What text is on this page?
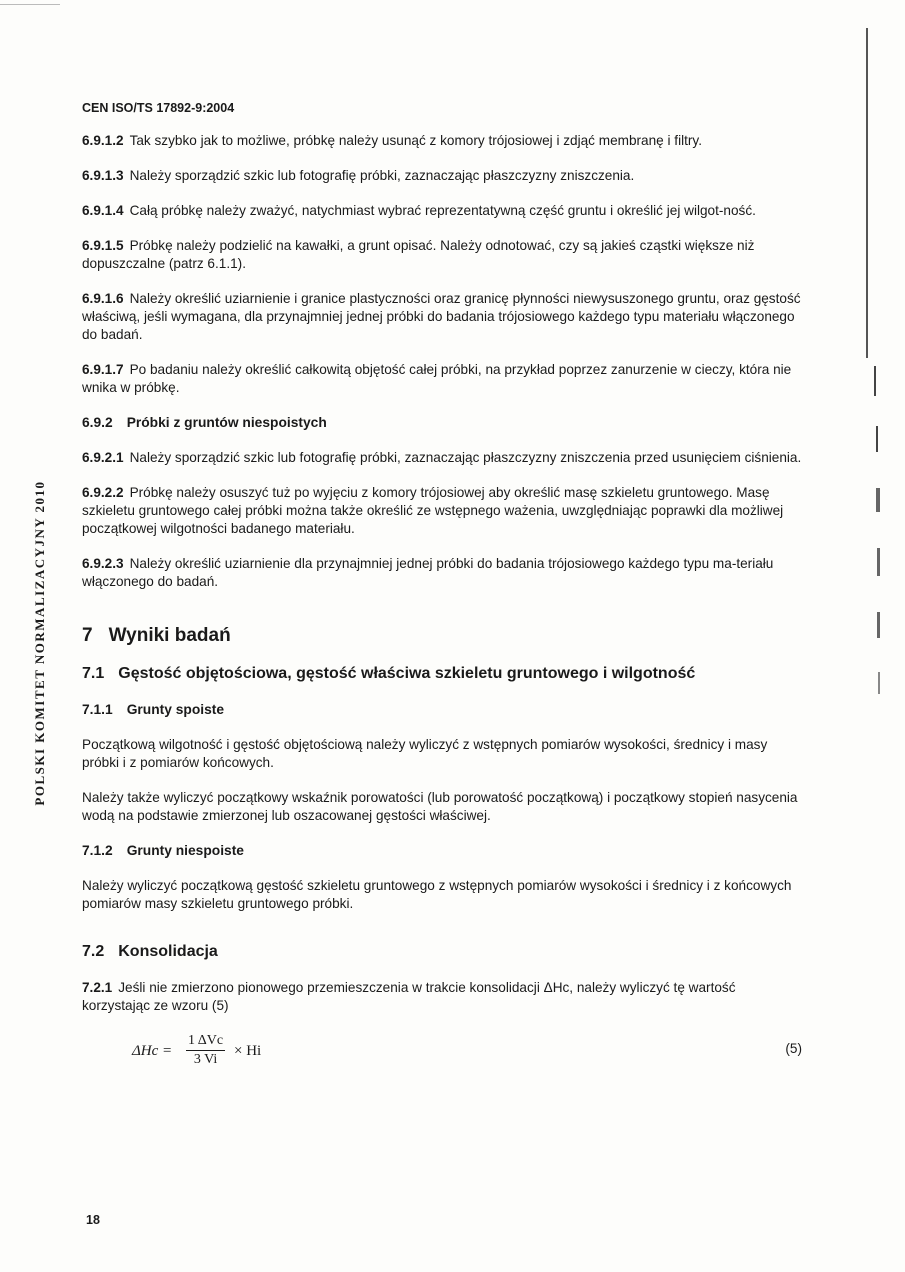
CEN ISO/TS 17892-9:2004
POLSKI KOMITET NORMALIZACYJNY 2010

6.9.1.2 Tak szybko jak to możliwe, próbkę należy usunąć z komory trójosiowej i zdjąć membranę i filtry.

6.9.1.3 Należy sporządzić szkic lub fotografię próbki, zaznaczając płaszczyzny zniszczenia.

6.9.1.4 Całą próbkę należy zważyć, natychmiast wybrać reprezentatywną część gruntu i określić jej wilgot-ność.

6.9.1.5 Próbkę należy podzielić na kawałki, a grunt opisać. Należy odnotować, czy są jakieś cząstki większe niż dopuszczalne (patrz 6.1.1).

6.9.1.6 Należy określić uziarnienie i granice plastyczności oraz granicę płynności niewysuszonego gruntu, oraz gęstość właściwą, jeśli wymagana, dla przynajmniej jednej próbki do badania trójosiowego każdego typu materiału włączonego do badań.

6.9.1.7 Po badaniu należy określić całkowitą objętość całej próbki, na przykład poprzez zanurzenie w cieczy, która nie wnika w próbkę.

6.9.2 Próbki z gruntów niespoistych

6.9.2.1 Należy sporządzić szkic lub fotografię próbki, zaznaczając płaszczyzny zniszczenia przed usunięciem ciśnienia.

6.9.2.2 Próbkę należy osuszyć tuż po wyjęciu z komory trójosiowej aby określić masę szkieletu gruntowego. Masę szkieletu gruntowego całej próbki można także określić ze wstępnego ważenia, uwzględniając poprawki dla możliwej początkowej wilgotności badanego materiału.

6.9.2.3 Należy określić uziarnienie dla przynajmniej jednej próbki do badania trójosiowego każdego typu ma-teriału włączonego do badań.

7 Wyniki badań
7.1 Gęstość objętościowa, gęstość właściwa szkieletu gruntowego i wilgotność
7.1.1 Grunty spoiste

Początkową wilgotność i gęstość objętościową należy wyliczyć z wstępnych pomiarów wysokości, średnicy i masy próbki i z pomiarów końcowych.

Należy także wyliczyć początkowy wskaźnik porowatości (lub porowatość początkową) i początkowy stopień nasycenia wodą na podstawie zmierzonej lub oszacowanej gęstości właściwej.

7.1.2 Grunty niespoiste

Należy wyliczyć początkową gęstość szkieletu gruntowego z wstępnych pomiarów wysokości i średnicy i z końcowych pomiarów masy szkieletu gruntowego próbki.

7.2 Konsolidacja

7.2.1 Jeśli nie zmierzono pionowego przemieszczenia w trakcie konsolidacji ΔHc, należy wyliczyć tę wartość korzystając ze wzoru (5)

ΔHc =
1 ΔVc
3 Vi
× Hi	(5)
18
